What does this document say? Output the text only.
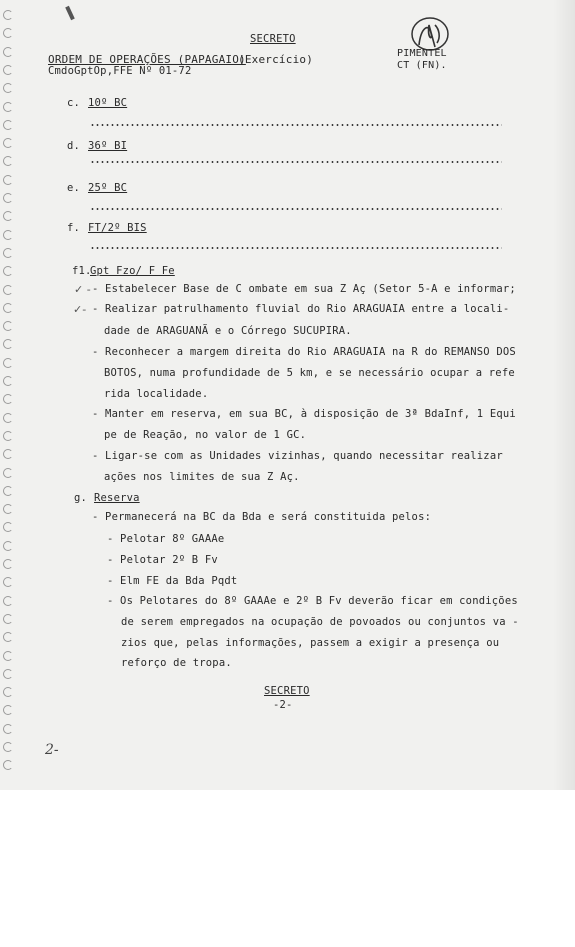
SECRETO
ORDEM DE OPERAÇÕES (PAPAGAIO)
(Exercício)
CmdoGptOp,FFE Nº 01-72
PIMENTEL
CT (FN).
c. 10º BC
d. 36º BI
e. 25º BC
f. FT/2º BIS
f1.
Gpt Fzo/ F Fe
✓ - - Estabelecer Base de C ombate em sua Z Aç (Setor 5-A e informar;
✓- - Realizar patrulhamento fluvial do Rio ARAGUAIA entre a locali-
dade de ARAGUANÃ e o Córrego SUCUPIRA.
- Reconhecer a margem direita do Rio ARAGUAIA na R do REMANSO DOS
BOTOS, numa profundidade de 5 km, e se necessário ocupar a refe
rida localidade.
- Manter em reserva, em sua BC, à disposição de 3ª BdaInf, 1 Equi
pe de Reação, no valor de 1 GC.
- Ligar-se com as Unidades vizinhas, quando necessitar realizar
ações nos limites de sua Z Aç.
g. Reserva
- Permanecerá na BC da Bda e será constituida pelos:
- Pelotar 8º GAAAe
- Pelotar 2º B Fv
- Elm FE da Bda Pqdt
- Os Pelotares do 8º GAAAe e 2º B Fv deverão ficar em condições
de serem empregados na ocupação de povoados ou conjuntos va -
zios que, pelas informações, passem a exigir a presença ou
reforço de tropa.
SECRETO
-2-
2-
